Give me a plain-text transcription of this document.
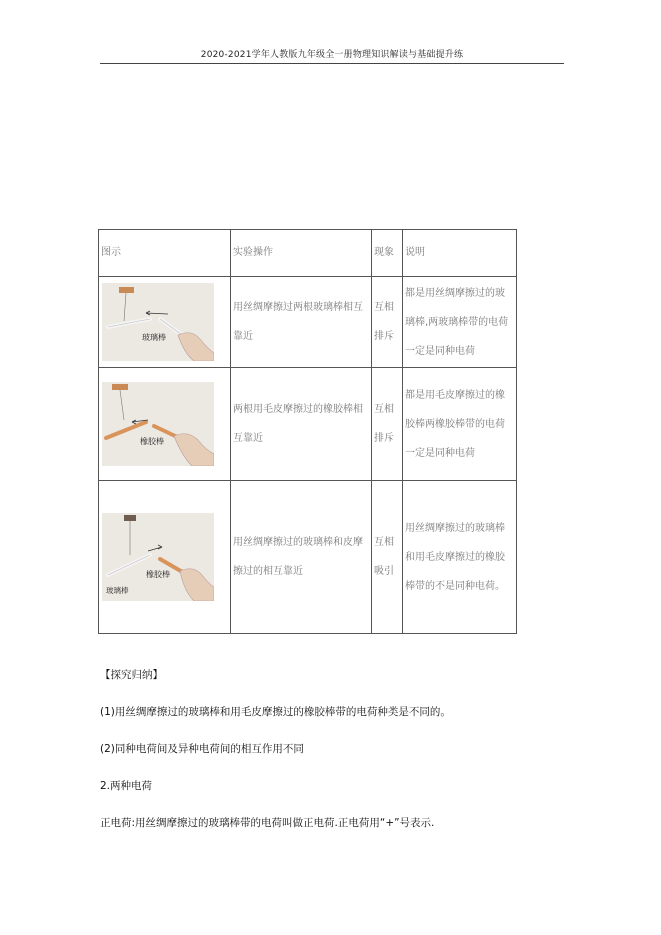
2020-2021学年人教版九年级全一册物理知识解读与基础提升练
图示	实验操作	现象	说明

玻璃棒	用丝绸摩擦过两根玻璃棒相互靠近	互相排斥	都是用丝绸摩擦过的玻璃棒,两玻璃棒带的电荷一定是同种电荷

橡胶棒	两根用毛皮摩擦过的橡胶棒相互靠近	互相排斥	都是用毛皮摩擦过的橡胶棒两橡胶棒带的电荷一定是同种电荷

玻璃棒
橡胶棒	用丝绸摩擦过的玻璃棒和皮摩擦过的相互靠近	互相吸引	用丝绸摩擦过的玻璃棒和用毛皮摩擦过的橡胶棒带的不是同种电荷。
【探究归纳】
(1)用丝绸摩擦过的玻璃棒和用毛皮摩擦过的橡胶棒带的电荷种类是不同的。
(2)同种电荷间及异种电荷间的相互作用不同
2.两种电荷
正电荷:用丝绸摩擦过的玻璃棒带的电荷叫做正电荷.正电荷用“+”号表示.
